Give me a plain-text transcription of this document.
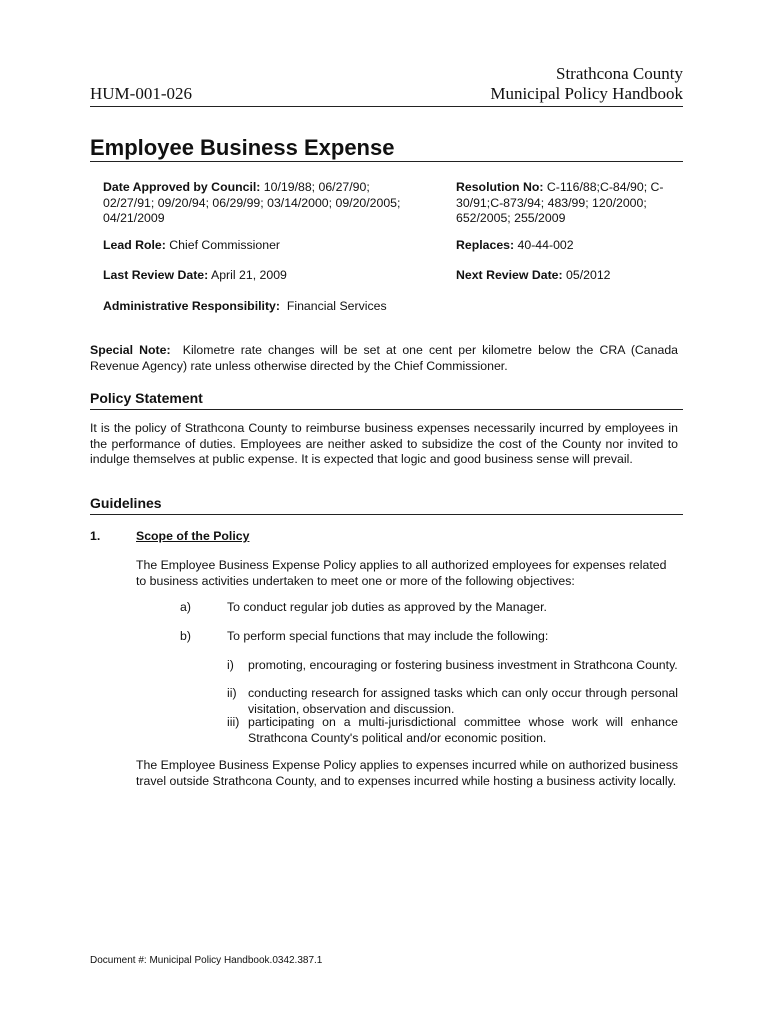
Strathcona County
HUM-001-026	Municipal Policy Handbook
Employee Business Expense
Date Approved by Council: 10/19/88; 06/27/90; 02/27/91; 09/20/94; 06/29/99; 03/14/2000; 09/20/2005; 04/21/2009
Resolution No: C-116/88;C-84/90; C-30/91;C-873/94; 483/99; 120/2000; 652/2005; 255/2009
Lead Role: Chief Commissioner	Replaces: 40-44-002
Last Review Date: April 21, 2009	Next Review Date: 05/2012
Administrative Responsibility: Financial Services
Special Note: Kilometre rate changes will be set at one cent per kilometre below the CRA (Canada Revenue Agency) rate unless otherwise directed by the Chief Commissioner.
Policy Statement
It is the policy of Strathcona County to reimburse business expenses necessarily incurred by employees in the performance of duties. Employees are neither asked to subsidize the cost of the County nor invited to indulge themselves at public expense. It is expected that logic and good business sense will prevail.
Guidelines
1.	Scope of the Policy
The Employee Business Expense Policy applies to all authorized employees for expenses related to business activities undertaken to meet one or more of the following objectives:
a)	To conduct regular job duties as approved by the Manager.
b)	To perform special functions that may include the following:
i) promoting, encouraging or fostering business investment in Strathcona County.
ii) conducting research for assigned tasks which can only occur through personal visitation, observation and discussion.
iii) participating on a multi-jurisdictional committee whose work will enhance Strathcona County's political and/or economic position.
The Employee Business Expense Policy applies to expenses incurred while on authorized business travel outside Strathcona County, and to expenses incurred while hosting a business activity locally.
Document #: Municipal Policy Handbook.0342.387.1
